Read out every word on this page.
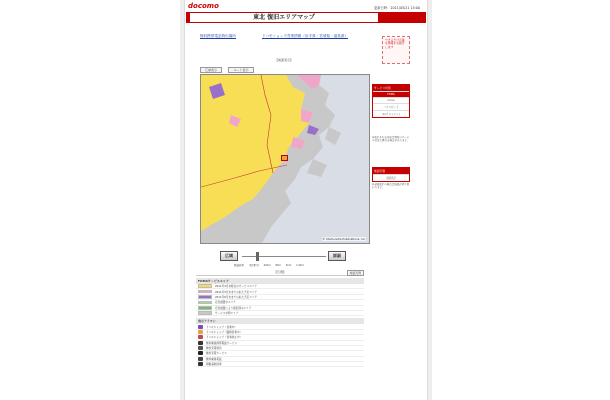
docomo	更新日時：2011/05/21 15:00
東北 復旧エリアマップ
無料携帯電話貸出場所	ドコモショップ営業情報（岩手県・宮城県・福島県）

できるだけ正確な情報をお届けします
【地図表示】
広域表示	ルート表示
© Shobunsha Publications, Inc.
サービス切替
FOMA
mova
ハイスピード
Xi(クロッシィ)
※表示される内容は実際のサービス状況と異なる場合があります。
地図切替
全国表示
※全国表示の場合は地図が切り替わります。
広域	詳細
都道府県 市区町村 20km 8km 4km 1.5km
【凡例】	地図凡例
FOMAサービスエリア
2011年4月末時点のサービスエリア
2011年5月末までの拡大予定エリア
2011年6月末までの拡大予定エリア
応急措置中エリア
応急措置により復旧済みエリア
サービス中断エリア
表示アイコン
ドコモショップ（営業中）
ドコモショップ（臨時営業中）
ドコモショップ（営業休止中）
無料衛星携帯電話サービス
無料充電場所
無料充電サービス
無料衛星電話
移動基地局車
